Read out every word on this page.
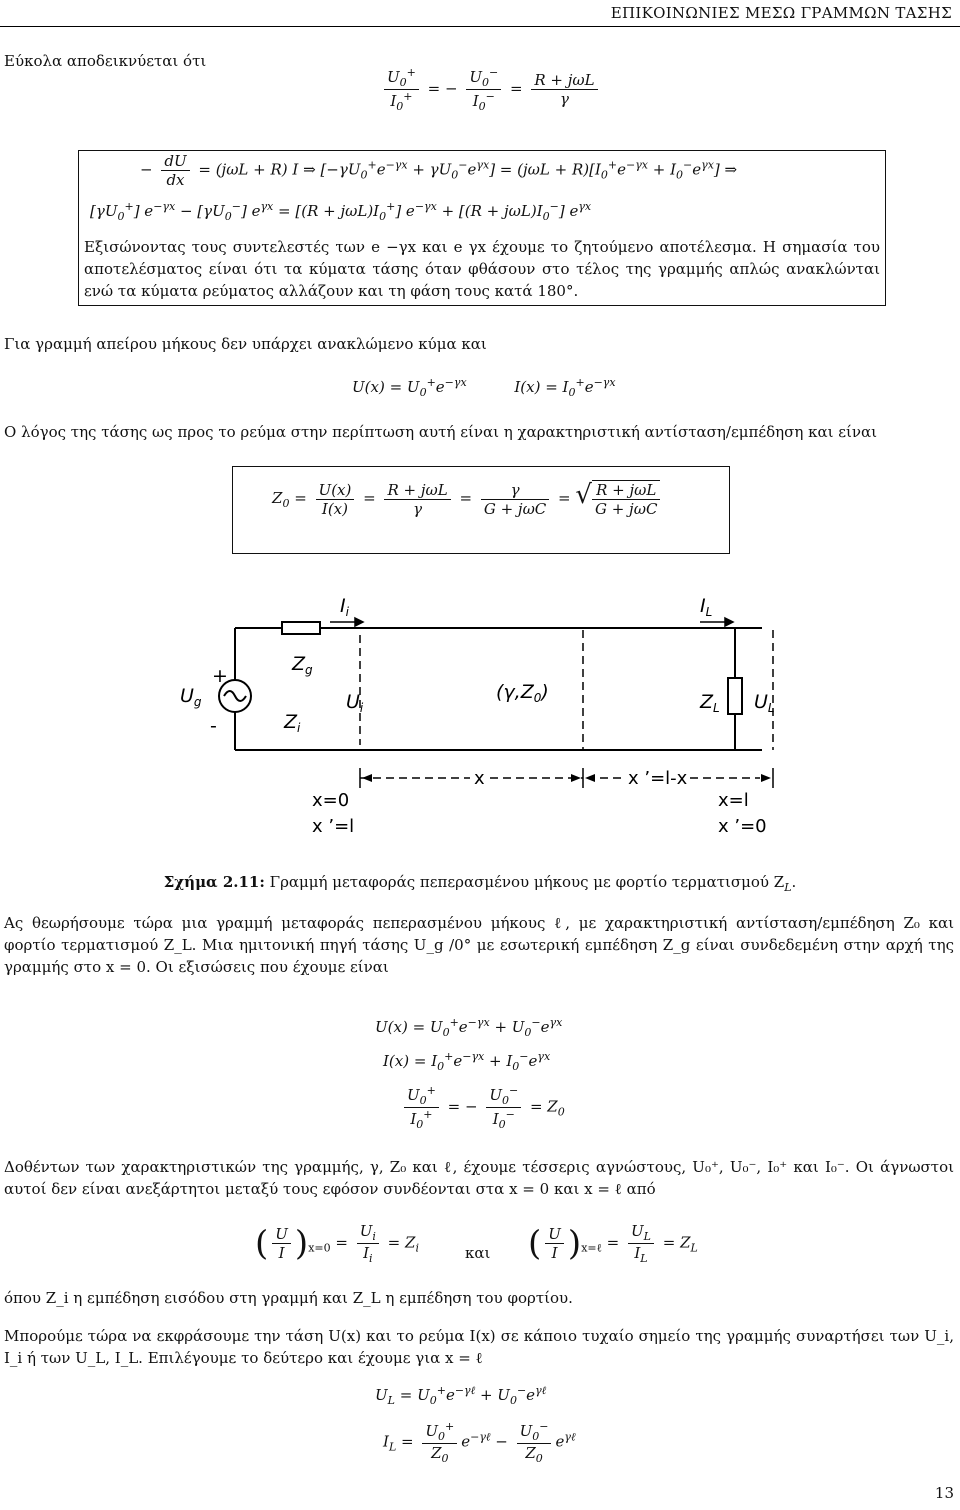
ΕΠΙΚΟΙΝΩΝΙΕΣ ΜΕΣΩ ΓΡΑΜΜΩΝ ΤΑΣΗΣ
Εύκολα αποδεικνύεται ότι
$\frac{U_0^+}{I_0^+}$ = − $\frac{U_0^-}{I_0^-} = \frac{\text{R + jωL}}{\gamma}$
− $\frac{dU}{dx} = (j\omega L + R)$ I ⇒ $[-\gamma U_0^+e^{-\gamma x} + \gamma U_0^-e^{\gamma x}] = (j\omega L + R)[I_0^+e^{-\gamma x} + I_0^-e^{\gamma x}]$ ⇒
$[\gamma U_0^+] e^{-\gamma x} - [\gamma U_0^-] e^{\gamma x} = [(R + j\omega L)I_0^+] e^{-\gamma x} + [(R + j\omega L)I_0^-]$ $e^{\gamma x}$
Εξισώνοντας τους συντελεστές των e −γx και e γx έχουμε το ζητούμενο αποτέλεσμα. Η σημασία του αποτελέσματος είναι ότι τα κύματα τάσης όταν φθάσουν στο τέλος της γραμμής απλώς ανακλώνται ενώ τα κύματα ρεύματος αλλάζουν και τη φάση τους κατά 180°.
Για γραμμή απείρου μήκους δεν υπάρχει ανακλώμενο κύμα και
$U(x) = U_0^+e^{-\gamma x}$          $I(x) = I_0^+e^{-\gamma x}$
Ο λόγος της τάσης ως προς το ρεύμα στην περίπτωση αυτή είναι η χαρακτηριστική αντίσταση/εμπέδηση και είναι
$Z_0 = \frac{U(x)}{I(x)} = \frac{\text{R + jωL}}{\gamma} = \frac{\gamma}{\text{G + jωC}}$ = √ $\frac{\text{R + jωL}}{\text{G + jωC}}$
$I_i$	$I_L$
$U_g$
+
-
$Z_g$
$Z_i$
$U_i$
$(\gamma,Z_0)$	$Z_L$ $U_L$
x	x ’=l-x
x=0
x ’=l
x=l
x ’=0
Σχήμα 2.11: Γραμμή μεταφοράς πεπερασμένου μήκους με φορτίο τερματισμού $Z_L$.
Ας θεωρήσουμε τώρα μια γραμμή μεταφοράς πεπερασμένου μήκους ℓ, με χαρακτηριστική αντίσταση/εμπέδηση Z₀ και φορτίο τερματισμού Z_L. Μια ημιτονική πηγή τάσης U_g /0° με εσωτερική εμπέδηση Z_g είναι συνδεδεμένη στην αρχή της γραμμής στο x = 0. Οι εξισώσεις που έχουμε είναι
$U(x) = U_0^+e^{-\gamma x} + U_0^-e^{\gamma x}$
$I(x) = I_0^+e^{-\gamma x} + I_0^-e^{\gamma x}$
$\frac{U_0^+}{I_0^+}$ = − $\frac{U_0^-}{I_0^-} = Z_0$
Δοθέντων των χαρακτηριστικών της γραμμής, γ, Z₀ και ℓ, έχουμε τέσσερις αγνώστους, U₀⁺, U₀⁻, I₀⁺ και I₀⁻. Οι άγνωστοι αυτοί δεν είναι ανεξάρτητοι μεταξύ τους εφόσον συνδέονται στα x = 0 και x = ℓ από
( $\frac{U}{I} )_{x=0} = \frac{U_i}{I_i} = Z_i$	και ( $\frac{U}{I} )_{x=\ell} = \frac{U_L}{I_L} = Z_L$
όπου Z_i η εμπέδηση εισόδου στη γραμμή και Z_L η εμπέδηση του φορτίου.
Μπορούμε τώρα να εκφράσουμε την τάση U(x) και το ρεύμα I(x) σε κάποιο τυχαίο σημείο της γραμμής συναρτήσει των U_i, I_i ή των U_L, I_L. Επιλέγουμε το δεύτερο και έχουμε για x = ℓ
$U_L = U_0^+e^{-\gamma\ell} + U_0^-e^{\gamma\ell}$
$I_L = \frac{U_0^+}{Z_0} e^{-\gamma\ell} - \frac{U_0^-}{Z_0} e^{\gamma\ell}$
13
